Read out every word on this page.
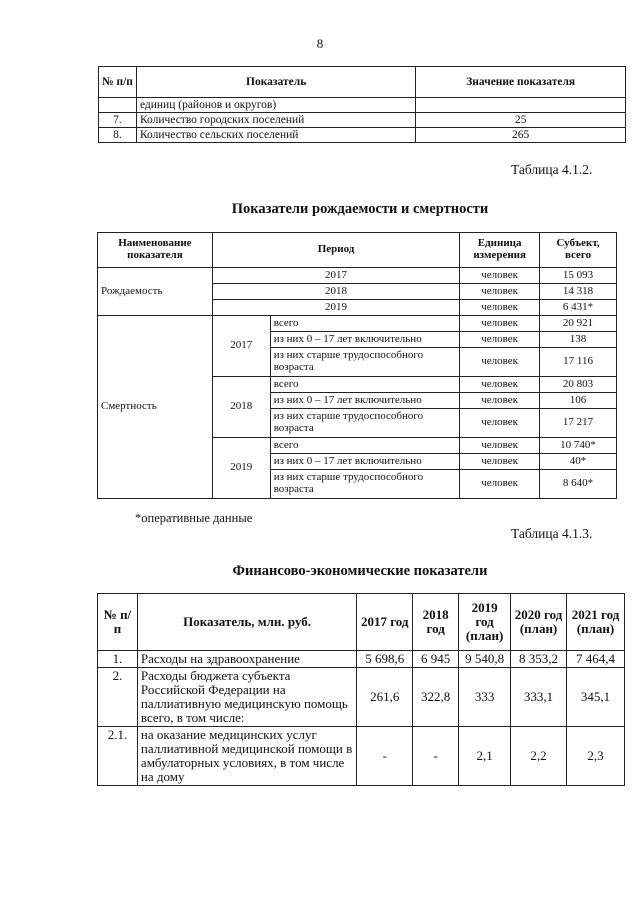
8
№ п/п	Показатель	Значение показателя
	единиц (районов и округов)	
7.	Количество городских поселений	25
8.	Количество сельских поселений	265
Таблица 4.1.2.
Показатели рождаемости и смертности
Наименование показателя	Период		Единица измерения	Субъект, всего
Рождаемость	2017		человек	15 093
	2018		человек	14 318
	2019		человек	6 431*
Смертность	2017	всего	человек	20 921
		из них 0 – 17 лет включительно	человек	138
		из них старше трудоспособного возраста	человек	17 116
	2018	всего	человек	20 803
		из них 0 – 17 лет включительно	человек	106
		из них старше трудоспособного возраста	человек	17 217
	2019	всего	человек	10 740*
		из них 0 – 17 лет включительно	человек	40*
		из них старше трудоспособного возраста	человек	8 640*
*оперативные данные
Таблица 4.1.3.
Финансово-экономические показатели
№ п/п	Показатель, млн. руб.	2017 год	2018 год	2019 год (план)	2020 год (план)	2021 год (план)
1.	Расходы на здравоохранение	5 698,6	6 945	9 540,8	8 353,2	7 464,4
2.	Расходы бюджета субъекта Российской Федерации на паллиативную медицинскую помощь всего, в том числе:	261,6	322,8	333	333,1	345,1
2.1.	на оказание медицинских услуг паллиативной медицинской помощи в амбулаторных условиях, в том числе на дому	-	-	2,1	2,2	2,3
